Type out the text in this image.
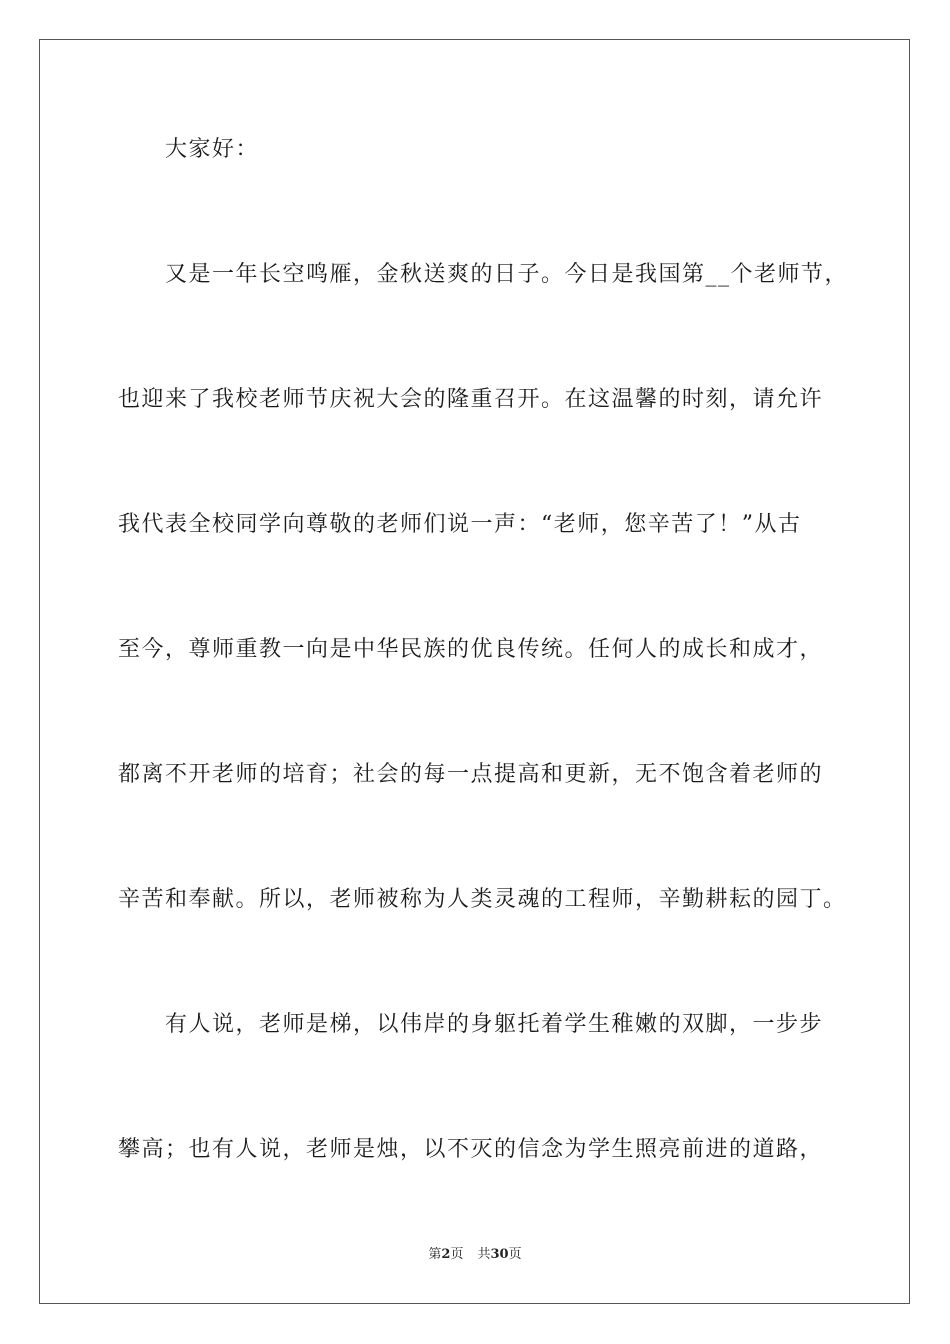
大家好：
又是一年长空鸣雁，金秋送爽的日子。今日是我国第__个老师节，
也迎来了我校老师节庆祝大会的隆重召开。在这温馨的时刻，请允许
我代表全校同学向尊敬的老师们说一声：“老师，您辛苦了！”从古
至今，尊师重教一向是中华民族的优良传统。任何人的成长和成才，
都离不开老师的培育；社会的每一点提高和更新，无不饱含着老师的
辛苦和奉献。所以，老师被称为人类灵魂的工程师，辛勤耕耘的园丁。
有人说，老师是梯，以伟岸的身躯托着学生稚嫩的双脚，一步步
攀高；也有人说，老师是烛，以不灭的信念为学生照亮前进的道路，
第2页 共30页
